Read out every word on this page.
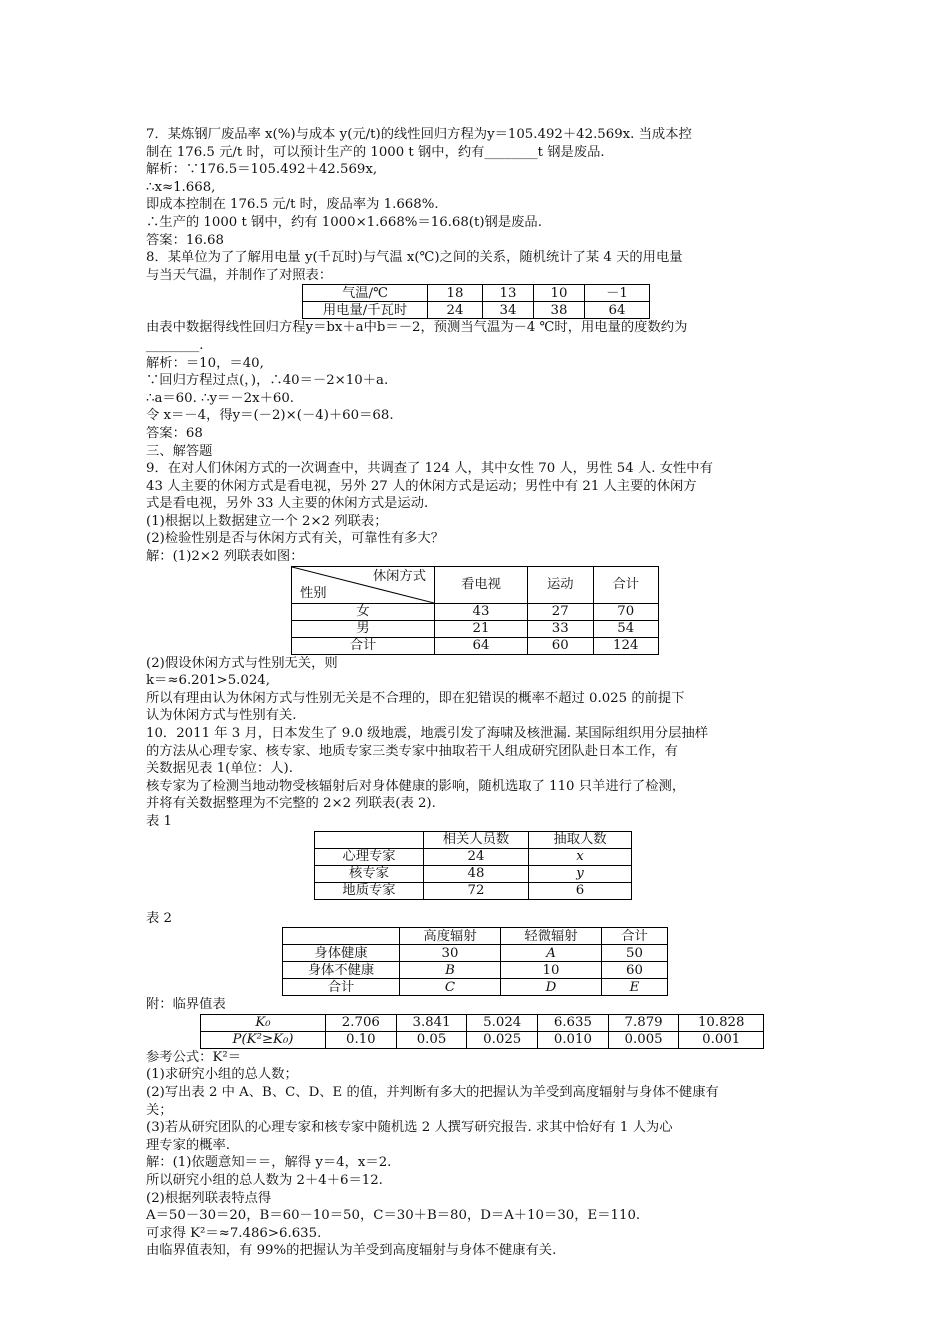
7．某炼钢厂废品率 x(%)与成本 y(元/t)的线性回归方程为y＝105.492＋42.569x. 当成本控

制在 176.5 元/t 时，可以预计生产的 1000 t 钢中，约有________t 钢是废品.

解析：∵176.5＝105.492＋42.569x,

∴x≈1.668,

即成本控制在 176.5 元/t 时，废品率为 1.668%.

∴生产的 1000 t 钢中，约有 1000×1.668%＝16.68(t)钢是废品.

答案：16.68

8．某单位为了了解用电量 y(千瓦时)与气温 x(℃)之间的关系，随机统计了某 4 天的用电量

与当天气温，并制作了对照表：

气温/℃	18	13	10	－1
用电量/千瓦时	24	34	38	64

由表中数据得线性回归方程y＝bx＋a中b＝－2，预测当气温为－4 ℃时，用电量的度数约为

________.

解析：＝10，＝40,

∵回归方程过点(，)，∴40＝－2×10＋a.

∴a＝60. ∴y＝－2x＋60.

令 x＝－4，得y＝(－2)×(－4)＋60＝68.

答案：68

三、解答题

9．在对人们休闲方式的一次调查中，共调查了 124 人，其中女性 70 人，男性 54 人. 女性中有

43 人主要的休闲方式是看电视，另外 27 人的休闲方式是运动；男性中有 21 人主要的休闲方

式是看电视，另外 33 人主要的休闲方式是运动.

(1)根据以上数据建立一个 2×2 列联表；

(2)检验性别是否与休闲方式有关，可靠性有多大？

解：(1)2×2 列联表如图：

休闲方式
性别	看电视	运动	合计
女	43	27	70
男	21	33	54
合计	64	60	124

(2)假设休闲方式与性别无关，则

k＝≈6.201>5.024,

所以有理由认为休闲方式与性别无关是不合理的，即在犯错误的概率不超过 0.025 的前提下

认为休闲方式与性别有关.

10．2011 年 3 月，日本发生了 9.0 级地震，地震引发了海啸及核泄漏. 某国际组织用分层抽样

的方法从心理专家、核专家、地质专家三类专家中抽取若干人组成研究团队赴日本工作，有

关数据见表 1(单位：人).

核专家为了检测当地动物受核辐射后对身体健康的影响，随机选取了 110 只羊进行了检测，

并将有关数据整理为不完整的 2×2 列联表(表 2).

表 1

	相关人员数	抽取人数
心理专家	24	x
核专家	48	y
地质专家	72	6

表 2

	高度辐射	轻微辐射	合计
身体健康	30	A	50
身体不健康	B	10	60
合计	C	D	E

附：临界值表

K₀	2.706	3.841	5.024	6.635	7.879	10.828
P(K²≥K₀)	0.10	0.05	0.025	0.010	0.005	0.001

参考公式：K²＝

(1)求研究小组的总人数；

(2)写出表 2 中 A、B、C、D、E 的值，并判断有多大的把握认为羊受到高度辐射与身体不健康有

关；

(3)若从研究团队的心理专家和核专家中随机选 2 人撰写研究报告. 求其中恰好有 1 人为心

理专家的概率.

解：(1)依题意知＝＝，解得 y＝4，x＝2.

所以研究小组的总人数为 2＋4＋6＝12.

(2)根据列联表特点得

A＝50－30＝20，B＝60－10＝50，C＝30＋B＝80，D＝A＋10＝30，E＝110.

可求得 K²＝≈7.486>6.635.

由临界值表知，有 99%的把握认为羊受到高度辐射与身体不健康有关.
